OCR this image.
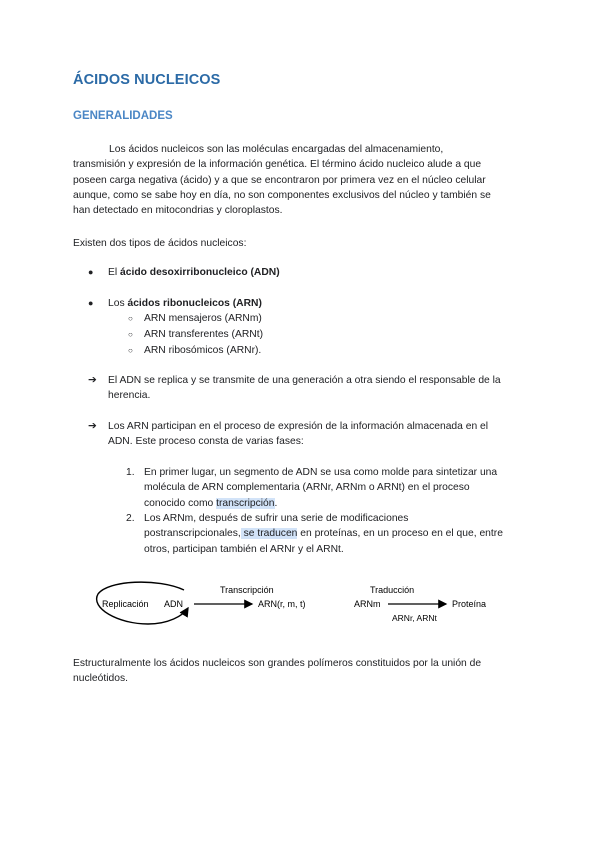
ÁCIDOS NUCLEICOS
GENERALIDADES
Los ácidos nucleicos son las moléculas encargadas del almacenamiento,
transmisión y expresión de la información genética. El término ácido nucleico alude a que
poseen carga negativa (ácido) y a que se encontraron por primera vez en el núcleo celular
aunque, como se sabe hoy en día, no son componentes exclusivos del núcleo y también se
han detectado en mitocondrias y cloroplastos.
Existen dos tipos de ácidos nucleicos:
● El ácido desoxirribonucleico (ADN)
● Los ácidos ribonucleicos (ARN)
○ ARN mensajeros (ARNm)
○ ARN transferentes (ARNt)
○ ARN ribosómicos (ARNr).
➔	El ADN se replica y se transmite de una generación a otra siendo el responsable de la
herencia.
➔	Los ARN participan en el proceso de expresión de la información almacenada en el
ADN. Este proceso consta de varias fases:
1. En primer lugar, un segmento de ADN se usa como molde para sintetizar una
molécula de ARN complementaria (ARNr, ARNm o ARNt) en el proceso
conocido como transcripción.
2. Los ARNm, después de sufrir una serie de modificaciones
postranscripcionales, se traducen en proteínas, en un proceso en el que, entre
otros, participan también el ARNr y el ARNt.
Replicación ADN
Transcripción
ARN(r, m, t)
Traducción
ARNm	Proteína
ARNr, ARNt
Estructuralmente los ácidos nucleicos son grandes polímeros constituidos por la unión de
nucleótidos.
